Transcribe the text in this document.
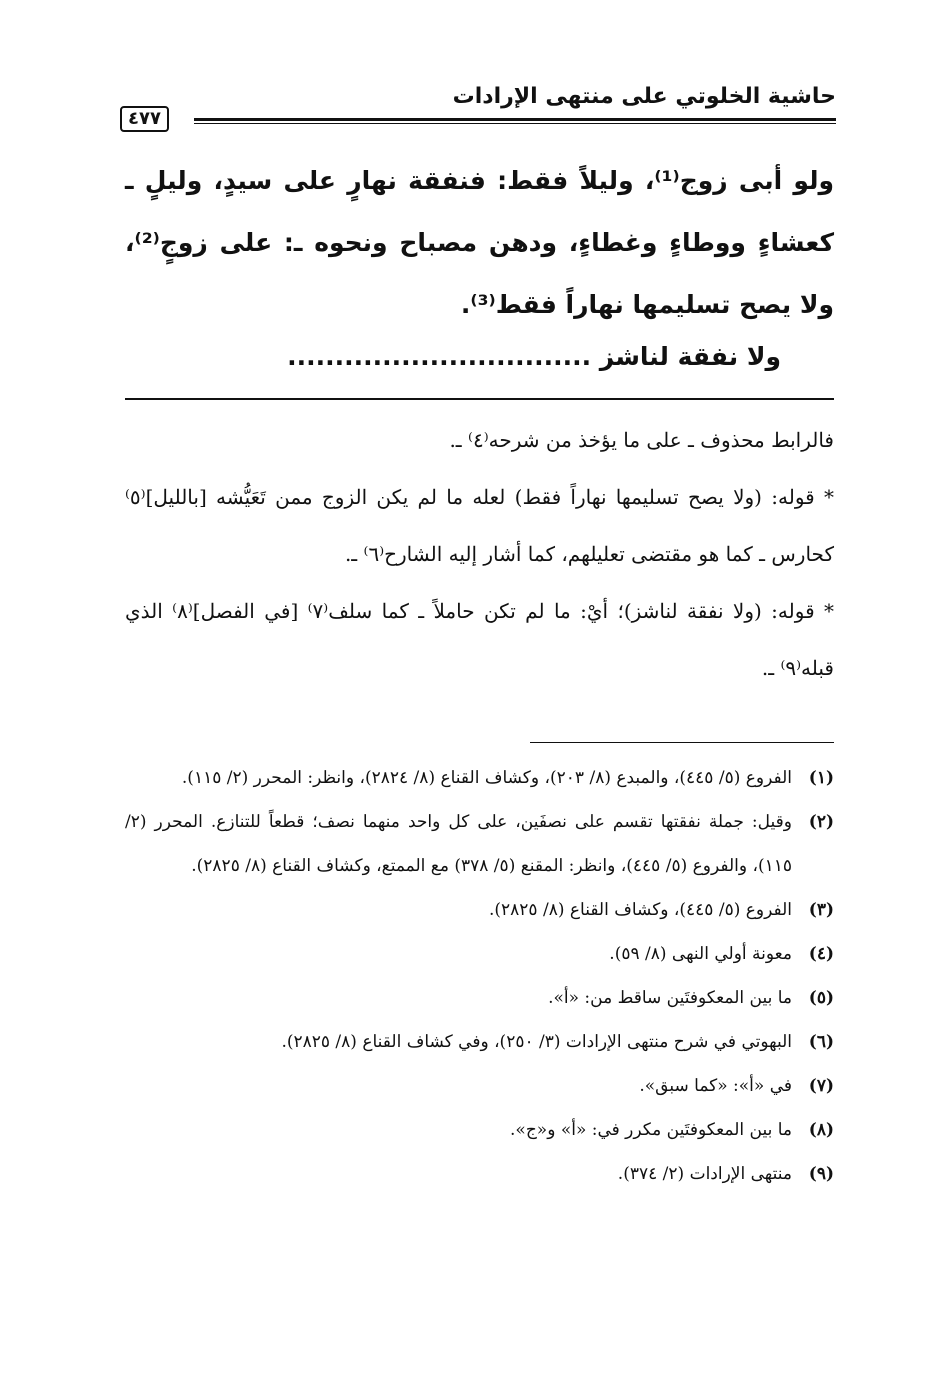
حاشية الخلوتي على منتهى الإرادات
٤٧٧

ولو أبى زوج⁽¹⁾، وليلاً فقط: فنفقة نهارٍ على سيدٍ، وليلٍ ـ كعشاءٍ ووطاءٍ وغطاءٍ، ودهن مصباح ونحوه ـ: على زوجٍ⁽²⁾، ولا يصح تسليمها نهاراً فقط⁽³⁾.

ولا نفقة لناشز ................................

فالرابط محذوف ـ على ما يؤخذ من شرحه⁽٤⁾ ـ.

* قوله: (ولا يصح تسليمها نهاراً فقط) لعله ما لم يكن الزوج ممن تَعَيُّشه [بالليل]⁽٥⁾ كحارس ـ كما هو مقتضى تعليلهم، كما أشار إليه الشارح⁽٦⁾ ـ.

* قوله: (ولا نفقة لناشز)؛ أيْ: ما لم تكن حاملاً ـ كما سلف⁽٧⁾ [في الفصل]⁽٨⁾ الذي قبله⁽٩⁾ ـ.

(١)
الفروع (٥/ ٤٤٥)، والمبدع (٨/ ٢٠٣)، وكشاف القناع (٨/ ٢٨٢٤)، وانظر: المحرر (٢/ ١١٥).
(٢)
وقيل: جملة نفقتها تقسم على نصفَين، على كل واحد منهما نصف؛ قطعاً للتنازع. المحرر (٢/ ١١٥)، والفروع (٥/ ٤٤٥)، وانظر: المقنع (٥/ ٣٧٨) مع الممتع، وكشاف القناع (٨/ ٢٨٢٥).
(٣)
الفروع (٥/ ٤٤٥)، وكشاف القناع (٨/ ٢٨٢٥).
(٤)
معونة أولي النهى (٨/ ٥٩).
(٥)
ما بين المعكوفتَين ساقط من: «أ».
(٦)
البهوتي في شرح منتهى الإرادات (٣/ ٢٥٠)، وفي كشاف القناع (٨/ ٢٨٢٥).
(٧)
في «أ»: «كما سبق».
(٨)
ما بين المعكوفتَين مكرر في: «أ» و«ج».
(٩)
منتهى الإرادات (٢/ ٣٧٤).
